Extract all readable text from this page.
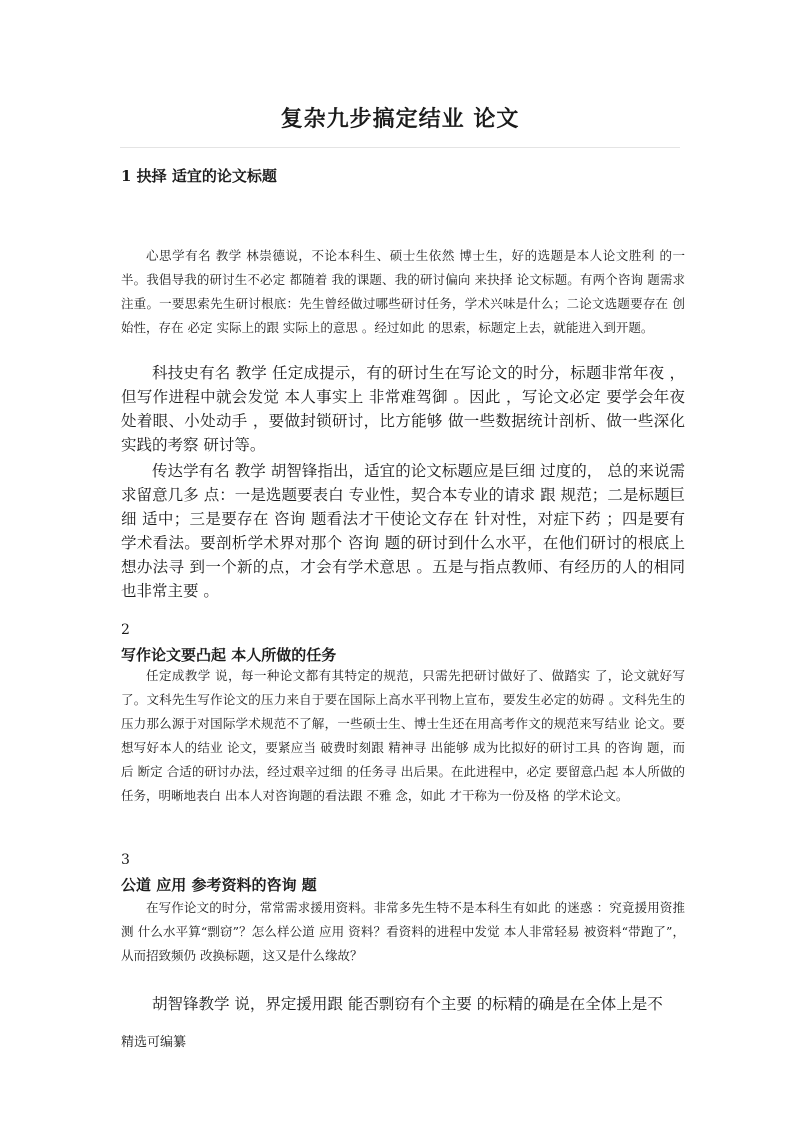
复杂九步搞定结业 论文
1 抉择 适宜的论文标题

心思学有名 教学 林崇德说，不论本科生、硕士生依然 博士生，好的选题是本人论文胜利 的一半。我倡导我的研讨生不必定 都随着 我的课题、我的研讨偏向 来抉择 论文标题。有两个咨询 题需求注重。一要思索先生研讨根底：先生曾经做过哪些研讨任务，学术兴味是什么；二论文选题要存在 创始性，存在 必定 实际上的跟 实际上的意思 。经过如此 的思索，标题定上去，就能进入到开题。

科技史有名 教学 任定成提示，有的研讨生在写论文的时分，标题非常年夜 ，但写作进程中就会发觉 本人事实上 非常难驾御 。因此 ，写论文必定 要学会年夜 处着眼、小处动手 ，要做封锁研讨，比方能够 做一些数据统计剖析、做一些深化实践的考察 研讨等。

传达学有名 教学 胡智锋指出，适宜的论文标题应是巨细 过度的， 总的来说需求留意几多 点：一是选题要表白 专业性，契合本专业的请求 跟 规范；二是标题巨细 适中；三是要存在 咨询 题看法才干使论文存在 针对性，对症下药 ；四是要有学术看法。要剖析学术界对那个 咨询 题的研讨到什么水平，在他们研讨的根底上想办法寻 到一个新的点，才会有学术意思 。五是与指点教师、有经历的人的相同 也非常主要 。

2
写作论文要凸起 本人所做的任务

任定成教学 说，每一种论文都有其特定的规范，只需先把研讨做好了、做踏实 了，论文就好写了。文科先生写作论文的压力来自于要在国际上高水平刊物上宣布，要发生必定的妨碍 。文科先生的压力那么源于对国际学术规范不了解，一些硕士生、博士生还在用高考作文的规范来写结业 论文。要想写好本人的结业 论文，要紧应当 破费时刻跟 精神寻 出能够 成为比拟好的研讨工具 的咨询 题，而后 断定 合适的研讨办法，经过艰辛过细 的任务寻 出后果。在此进程中，必定 要留意凸起 本人所做的任务，明晰地表白 出本人对咨询题的看法跟 不雅 念，如此 才干称为一份及格 的学术论文。

3
公道 应用 参考资料的咨询 题

在写作论文的时分，常常需求援用资料。非常多先生特不是本科生有如此 的迷惑 ：究竟援用资推测 什么水平算“剽窃”？怎么样公道 应用 资料？看资料的进程中发觉 本人非常轻易 被资料“带跑了”，从而招致频仍 改换标题，这又是什么缘故？

胡智锋教学 说，界定援用跟 能否剽窃有个主要 的标精的确是在全体上是不

精选可编纂
